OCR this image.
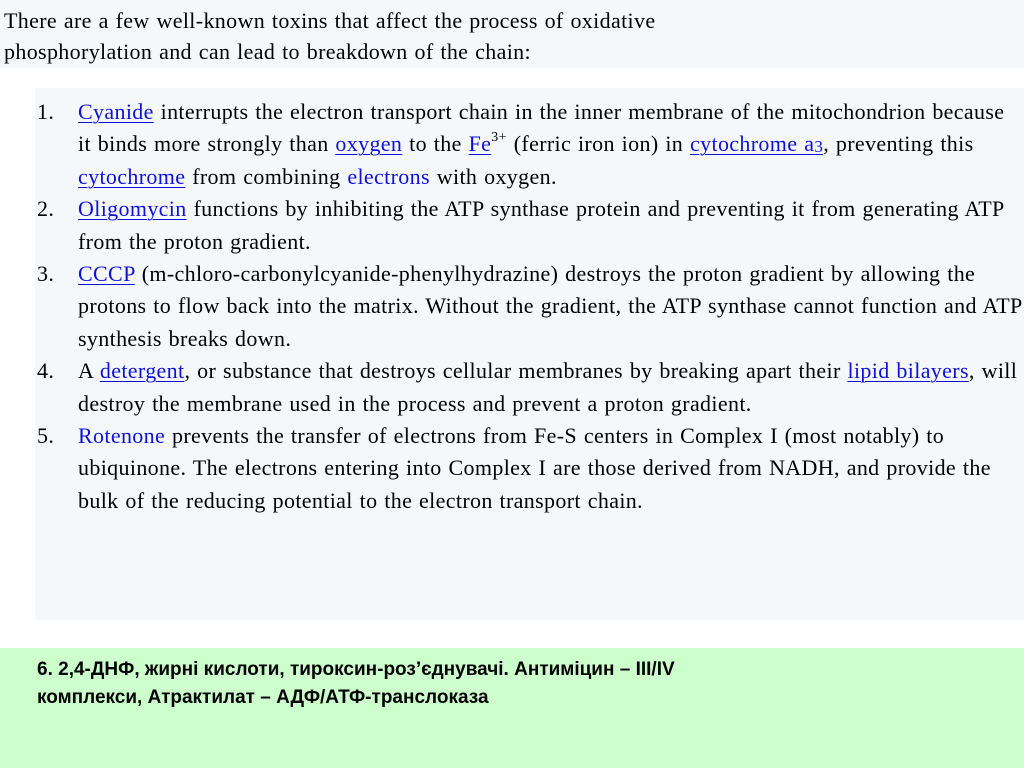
There are a few well-known toxins that affect the process of oxidative
phosphorylation and can lead to breakdown of the chain:
1. Cyanide interrupts the electron transport chain in the inner membrane of the mitochondrion because it binds more strongly than oxygen to the $Fe^{3+}$ (ferric iron ion) in cytochrome $a_3$, preventing this cytochrome from combining electrons with oxygen.
2. Oligomycin functions by inhibiting the ATP synthase protein and preventing it from generating ATP from the proton gradient.
3. CCCP (m-chloro-carbonylcyanide-phenylhydrazine) destroys the proton gradient by allowing the protons to flow back into the matrix. Without the gradient, the ATP synthase cannot function and ATP synthesis breaks down.
4. A detergent, or substance that destroys cellular membranes by breaking apart their lipid bilayers, will destroy the membrane used in the process and prevent a proton gradient.
5. Rotenone prevents the transfer of electrons from Fe-S centers in Complex I (most notably) to ubiquinone. The electrons entering into Complex I are those derived from NADH, and provide the bulk of the reducing potential to the electron transport chain.
6. 2,4-ДНФ, жирні кислоти, тироксин-роз’єднувачі. Антиміцин – ІІІ/IV
комплекси, Атрактилат – АДФ/АТФ-транслоказа
